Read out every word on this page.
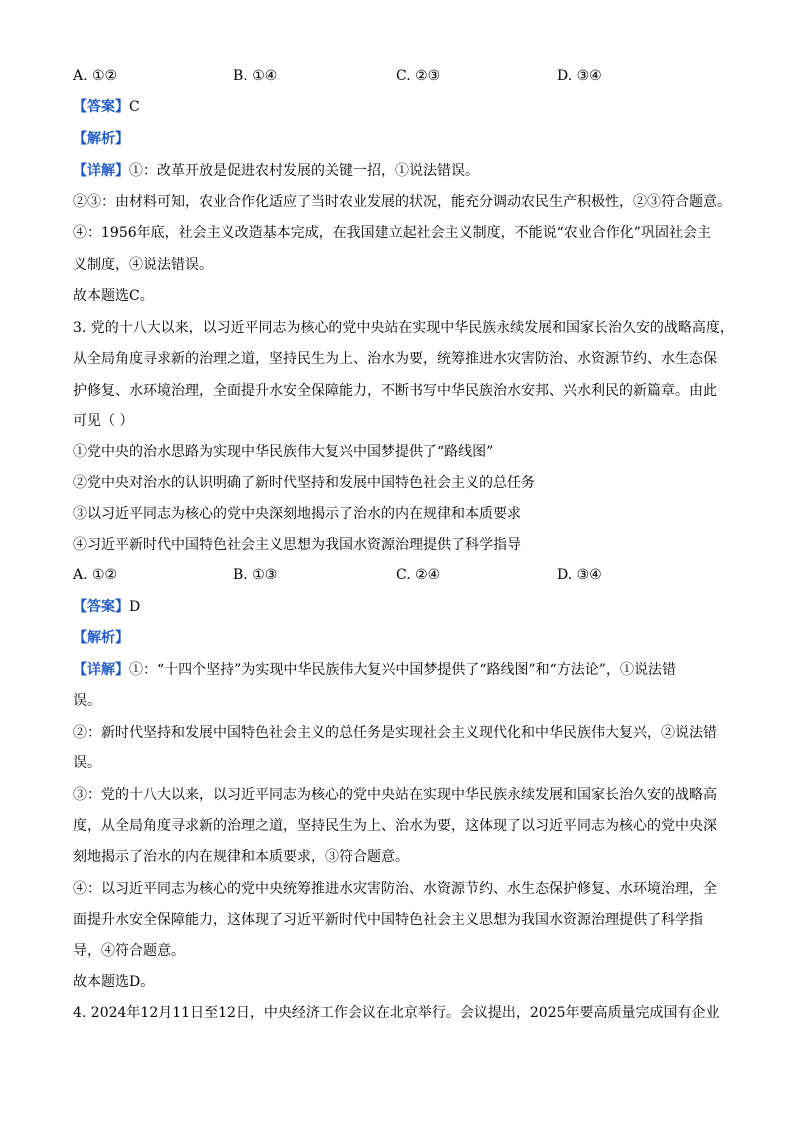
A. ①②	B. ①④	C. ②③	D. ③④
【答案】C
【解析】
【详解】①：改革开放是促进农村发展的关键一招，①说法错误。
②③：由材料可知，农业合作化适应了当时农业发展的状况，能充分调动农民生产积极性，②③符合题意。
④：1956年底，社会主义改造基本完成，在我国建立起社会主义制度，不能说“农业合作化”巩固社会主
义制度，④说法错误。
故本题选C。
3. 党的十八大以来，以习近平同志为核心的党中央站在实现中华民族永续发展和国家长治久安的战略高度，
从全局角度寻求新的治理之道，坚持民生为上、治水为要，统筹推进水灾害防治、水资源节约、水生态保
护修复、水环境治理，全面提升水安全保障能力，不断书写中华民族治水安邦、兴水利民的新篇章。由此
可见（ ）
①党中央的治水思路为实现中华民族伟大复兴中国梦提供了“路线图”
②党中央对治水的认识明确了新时代坚持和发展中国特色社会主义的总任务
③以习近平同志为核心的党中央深刻地揭示了治水的内在规律和本质要求
④习近平新时代中国特色社会主义思想为我国水资源治理提供了科学指导
A. ①②	B. ①③	C. ②④	D. ③④
【答案】D
【解析】
【详解】①：“十四个坚持”为实现中华民族伟大复兴中国梦提供了“路线图”和“方法论”，①说法错
误。
②：新时代坚持和发展中国特色社会主义的总任务是实现社会主义现代化和中华民族伟大复兴，②说法错
误。
③：党的十八大以来，以习近平同志为核心的党中央站在实现中华民族永续发展和国家长治久安的战略高
度，从全局角度寻求新的治理之道，坚持民生为上、治水为要，这体现了以习近平同志为核心的党中央深
刻地揭示了治水的内在规律和本质要求，③符合题意。
④：以习近平同志为核心的党中央统筹推进水灾害防治、水资源节约、水生态保护修复、水环境治理，全
面提升水安全保障能力，这体现了习近平新时代中国特色社会主义思想为我国水资源治理提供了科学指
导，④符合题意。
故本题选D。
4. 2024年12月11日至12日，中央经济工作会议在北京举行。会议提出，2025年要高质量完成国有企业
